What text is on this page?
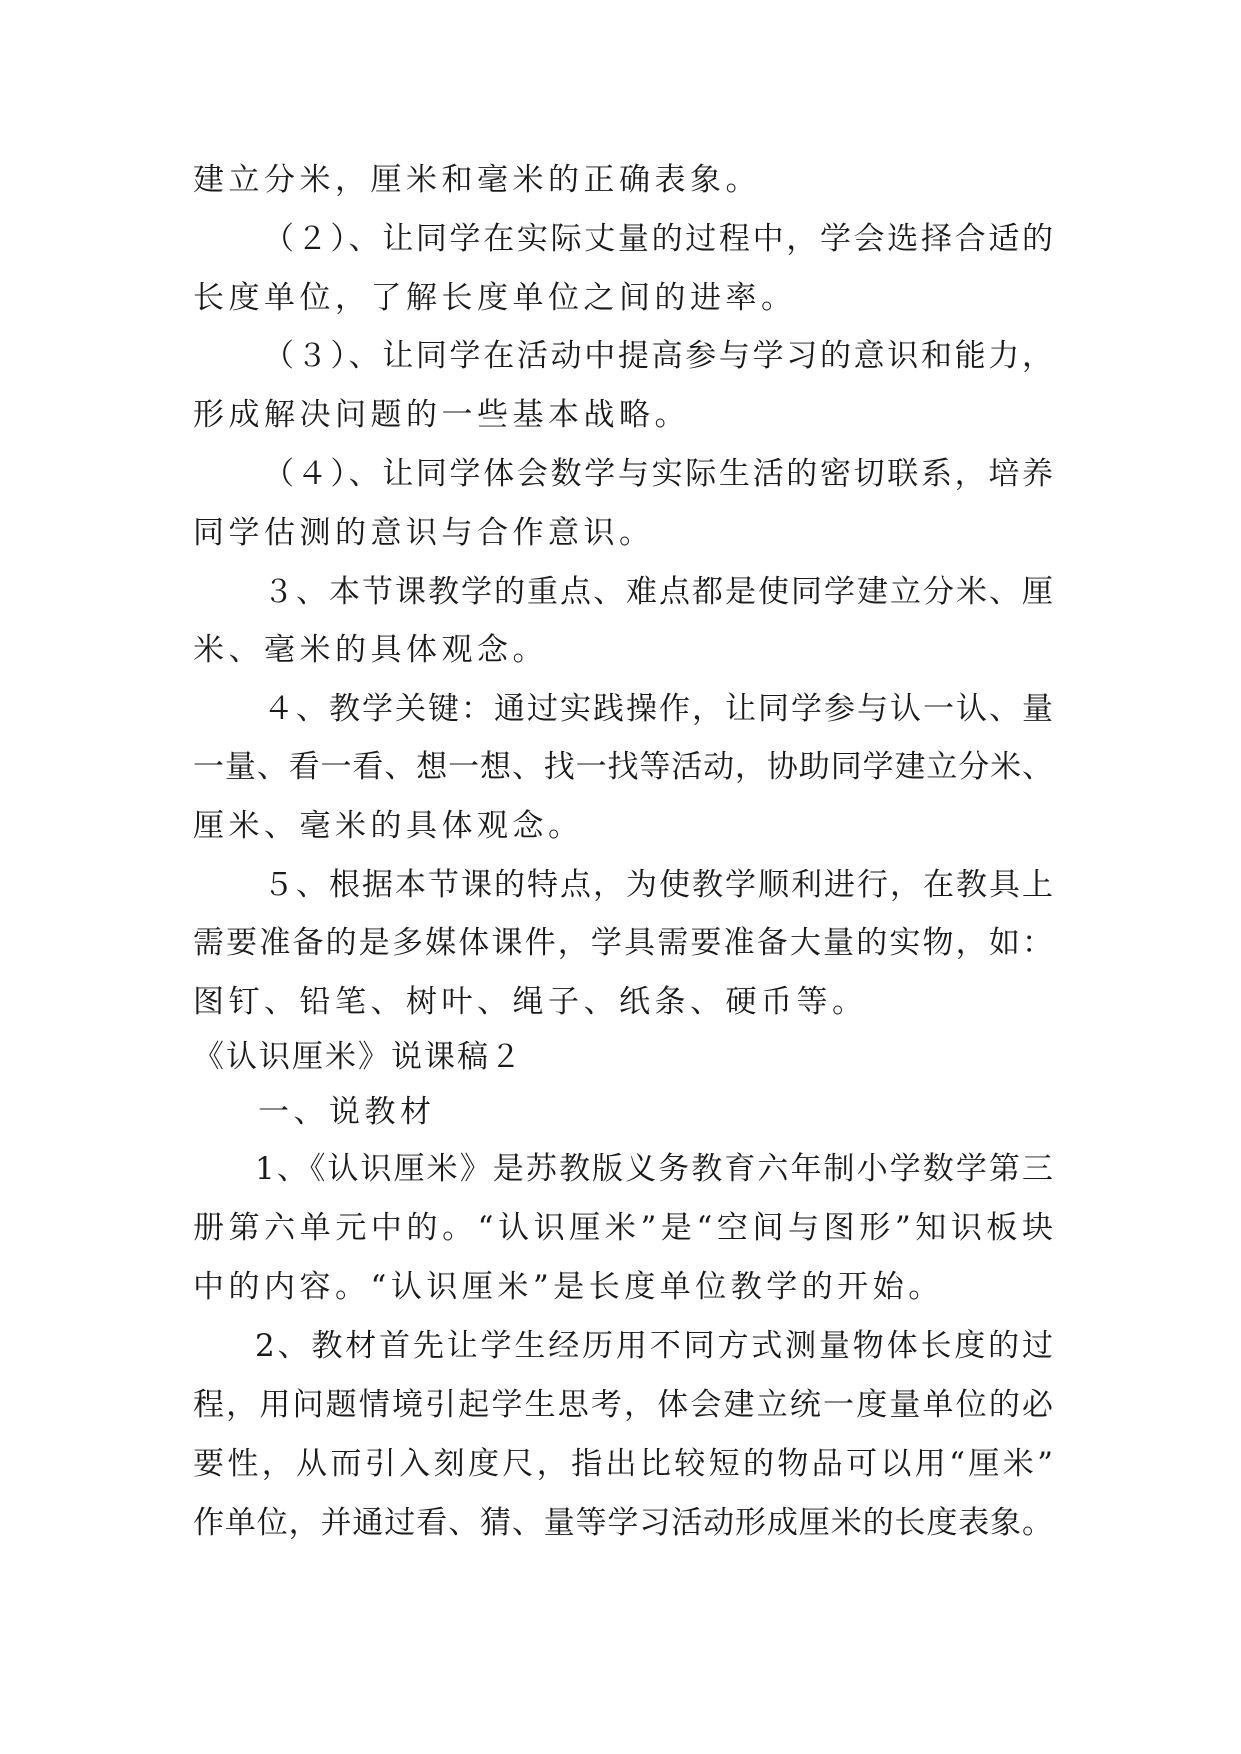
建立分米，厘米和毫米的正确表象。
（２）、让同学在实际丈量的过程中，学会选择合适的
长度单位，了解长度单位之间的进率。
（３）、让同学在活动中提高参与学习的意识和能力，
形成解决问题的一些基本战略。
（４）、让同学体会数学与实际生活的密切联系，培养
同学估测的意识与合作意识。
３、本节课教学的重点、难点都是使同学建立分米、厘
米、毫米的具体观念。
４、教学关键：通过实践操作，让同学参与认一认、量
一量、看一看、想一想、找一找等活动，协助同学建立分米、
厘米、毫米的具体观念。
５、根据本节课的特点，为使教学顺利进行，在教具上
需要准备的是多媒体课件，学具需要准备大量的实物，如：
图钉、铅笔、树叶、绳子、纸条、硬币等。
《认识厘米》说课稿２
一、说教材
1、《认识厘米》是苏教版义务教育六年制小学数学第三
册第六单元中的。“认识厘米”是“空间与图形”知识板块
中的内容。“认识厘米”是长度单位教学的开始。
2、教材首先让学生经历用不同方式测量物体长度的过
程，用问题情境引起学生思考，体会建立统一度量单位的必
要性，从而引入刻度尺，指出比较短的物品可以用“厘米”
作单位，并通过看、猜、量等学习活动形成厘米的长度表象。
